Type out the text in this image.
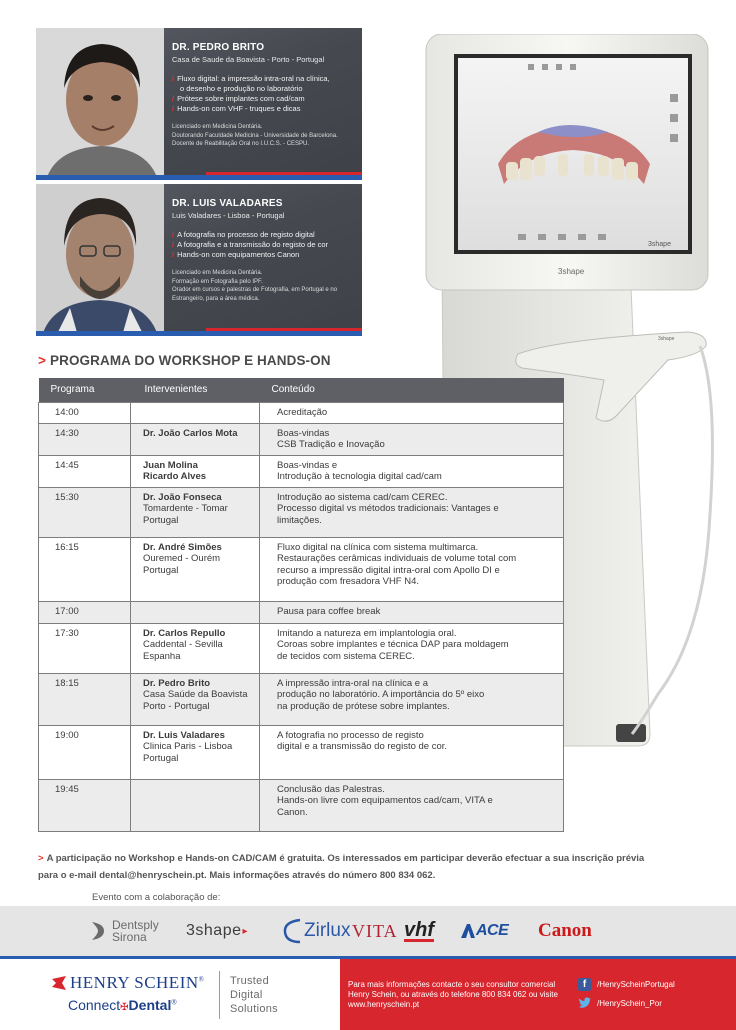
DR. PEDRO BRITO
Casa de Saude da Boavista - Porto - Portugal
/ Fluxo digital: a impressão intra-oral na clínica,
o desenho e produção no laboratório
/ Prótese sobre implantes com cad/cam
/ Hands-on com VHF - truques e dicas
Licenciado em Medicina Dentária.
Doutorando Faculdade Medicina - Universidade de Barcelona.
Docente de Reabilitação Oral no I.U.C.S. - CESPU.
DR. LUIS VALADARES
Luis Valadares - Lisboa - Portugal
/ A fotografia no processo de registo digital
/ A fotografia e a transmissão do registo de cor
/ Hands-on com equipamentos Canon
Licenciado em Medicina Dentária.
Formação em Fotografia pelo IPF.
Orador em cursos e palestras de Fotografia, em Portugal e no
Estrangeiro, para a área médica.
3shape
3shape
3shape
> PROGRAMA DO WORKSHOP E HANDS-ON
Programa	Intervenientes	Conteúdo
14:00		Acreditação

14:30	Dr. João Carlos Mota	Boas-vindas
CSB Tradição e Inovação

14:45	Juan Molina
Ricardo Alves	Boas-vindas e
Introdução à tecnologia digital cad/cam

15:30	Dr. João Fonseca
Tomardente - Tomar
Portugal	Introdução ao sistema cad/cam CEREC.
Processo digital vs métodos tradicionais: Vantages e
limitações.

16:15	Dr. André Simões
Ouremed - Ourém
Portugal	Fluxo digital na clínica com sistema multimarca.
Restaurações cerâmicas individuais de volume total com
recurso a impressão digital intra-oral com Apollo DI e
produção com fresadora VHF N4.

17:00		Pausa para coffee break

17:30	Dr. Carlos Repullo
Caddental - Sevilla
Espanha	Imitando a natureza em implantologia oral.
Coroas sobre implantes e técnica DAP para moldagem
de tecidos com sistema CEREC.

18:15	Dr. Pedro Brito
Casa Saúde da Boavista
Porto - Portugal	A impressão intra-oral na clínica e a
produção no laboratório. A importância do 5º eixo
na produção de prótese sobre implantes.

19:00	Dr. Luis Valadares
Clinica Paris - Lisboa
Portugal	A fotografia no processo de registo
digital e a transmissão do registo de cor.

19:45		Conclusão das Palestras.
Hands-on livre com equipamentos cad/cam, VITA e
Canon.
> A participação no Workshop e Hands-on CAD/CAM é gratuita. Os interessados em participar deverão efectuar a sua inscrição prévia
para o e-mail dental@henryschein.pt. Mais informações através do número 800 834 062.
Evento com a colaboração de:
Dentsply
Sirona	3shape ▸	Zirlux VITA vhf	ACE Canon
HENRY SCHEIN®
Connect✠Dental®
Trusted
Digital
Solutions
Para mais informações contacte o seu consultor comercial Henry Schein, ou através do telefone 800 834 062 ou visite www.henryschein.pt
f	/HenryScheinPortugal
/HenrySchein_Por
